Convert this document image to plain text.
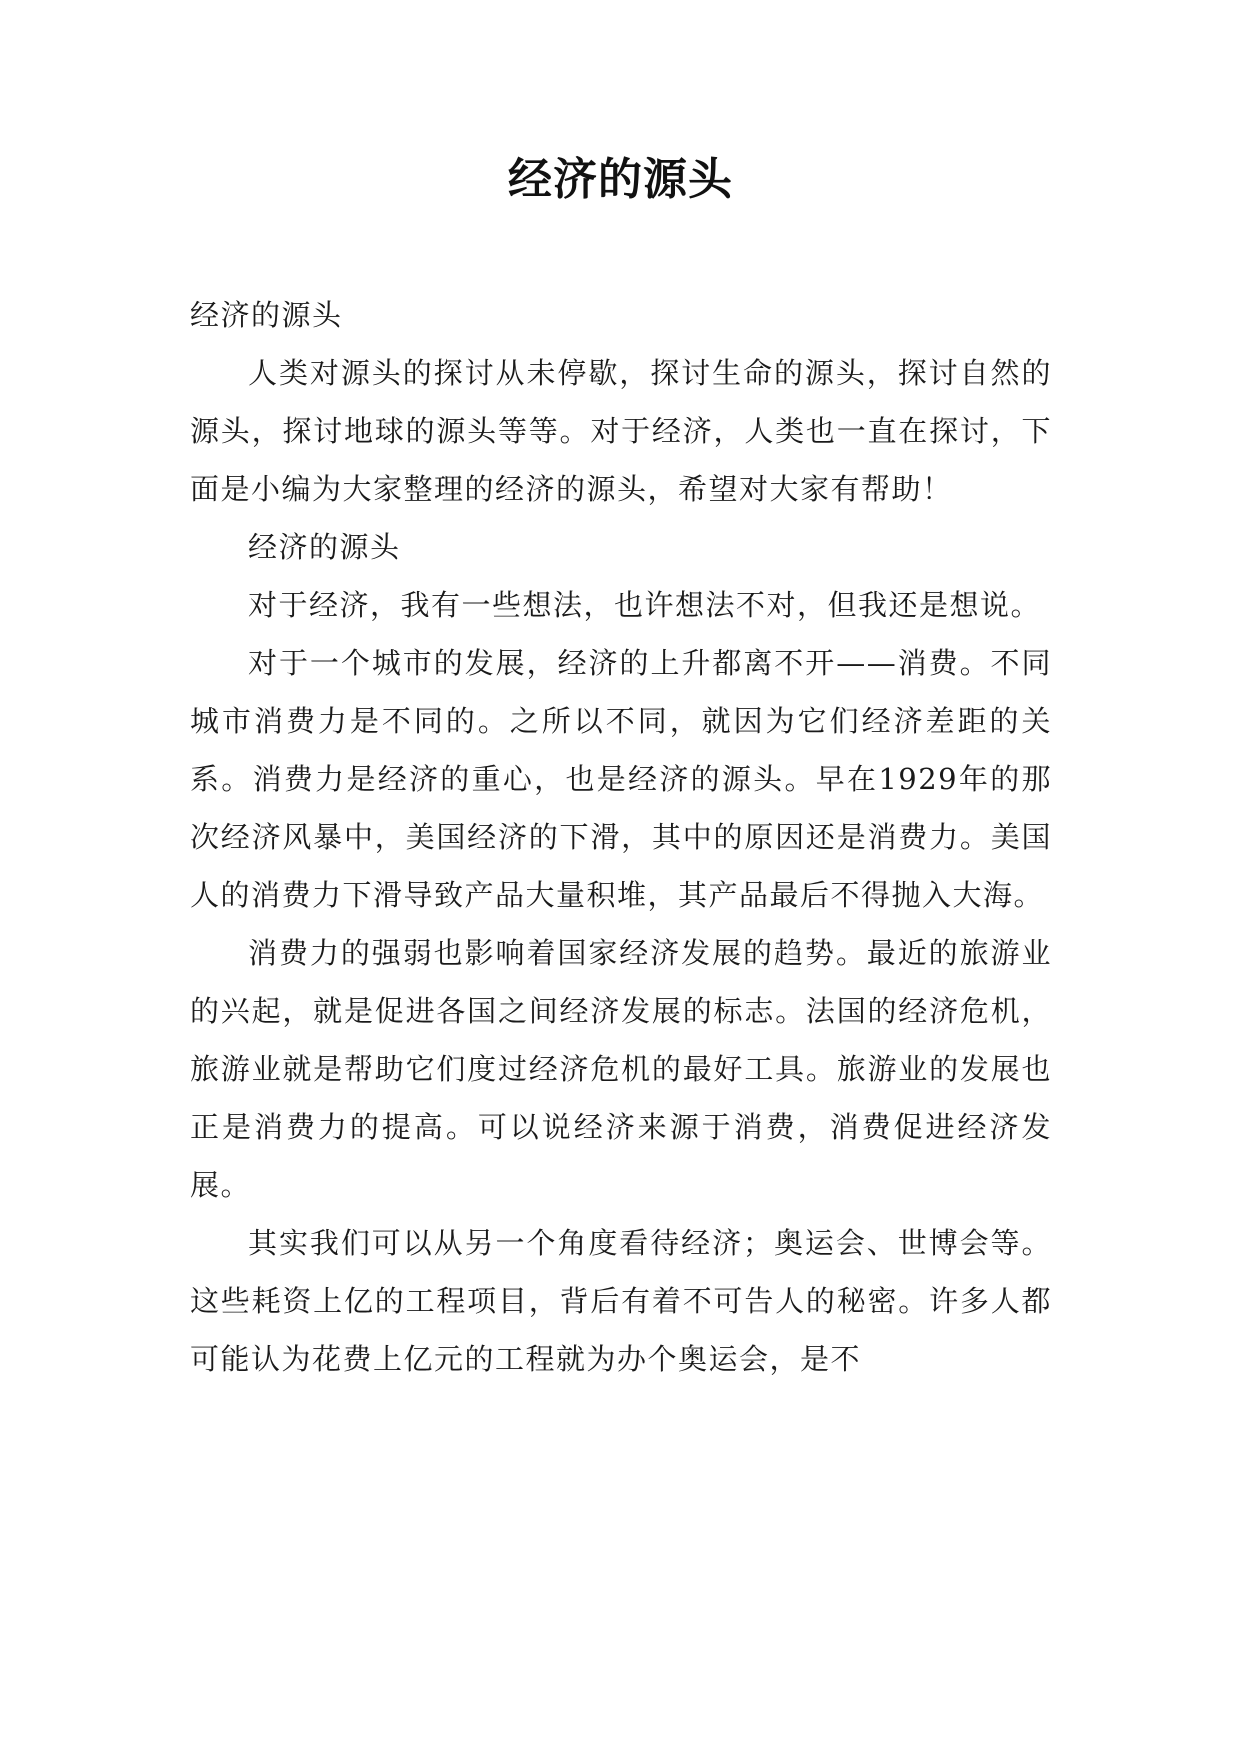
经济的源头

经济的源头

人类对源头的探讨从未停歇，探讨生命的源头，探讨自然的源头，探讨地球的源头等等。对于经济，人类也一直在探讨，下面是小编为大家整理的经济的源头，希望对大家有帮助！

经济的源头

对于经济，我有一些想法，也许想法不对，但我还是想说。

对于一个城市的发展，经济的上升都离不开——消费。不同城市消费力是不同的。之所以不同，就因为它们经济差距的关系。消费力是经济的重心，也是经济的源头。早在1929年的那次经济风暴中，美国经济的下滑，其中的原因还是消费力。美国人的消费力下滑导致产品大量积堆，其产品最后不得抛入大海。

消费力的强弱也影响着国家经济发展的趋势。最近的旅游业的兴起，就是促进各国之间经济发展的标志。法国的经济危机，旅游业就是帮助它们度过经济危机的最好工具。旅游业的发展也正是消费力的提高。可以说经济来源于消费，消费促进经济发展。

其实我们可以从另一个角度看待经济；奥运会、世博会等。这些耗资上亿的工程项目，背后有着不可告人的秘密。许多人都可能认为花费上亿元的工程就为办个奥运会，是不
